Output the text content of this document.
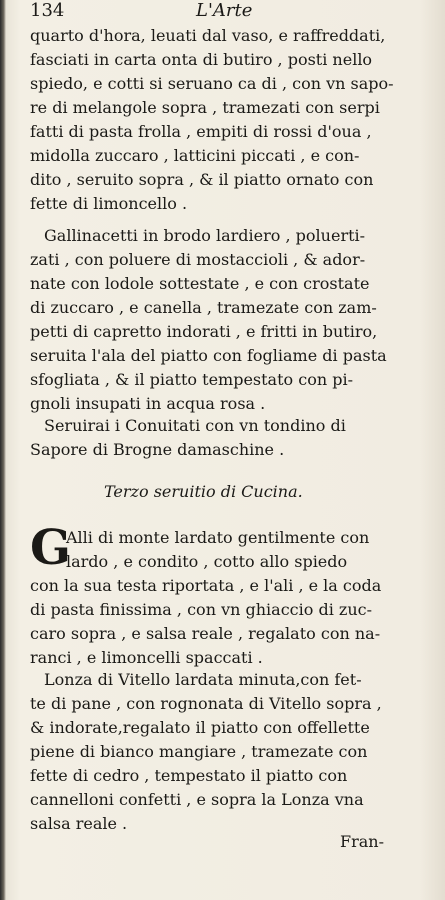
134	L'Arte
quarto d'hora, leuati dal vaso, e raffreddati,
fasciati in carta onta di butiro , posti nello
spiedo, e cotti si seruano ca di , con vn sapo-
re di melangole sopra , tramezati con serpi
fatti di pasta frolla , empiti di rossi d'oua ,
midolla zuccaro , latticini piccati , e con-
dito , seruito sopra , & il piatto ornato con
fette di limoncello .
Gallinacetti in brodo lardiero , poluerti-
zati , con poluere di mostaccioli , & ador-
nate con lodole sottestate , e con crostate
di zuccaro , e canella , tramezate con zam-
petti di capretto indorati , e fritti in butiro,
seruita l'ala del piatto con fogliame di pasta
sfogliata , & il piatto tempestato con pi-
gnoli insupati in acqua rosa .
Seruirai i Conuitati con vn tondino di
Sapore di Brogne damaschine .
Terzo seruitio di Cucina.
G
Alli di monte lardato gentilmente con
lardo , e condito , cotto allo spiedo
con la sua testa riportata , e l'ali , e la coda
di pasta finissima , con vn ghiaccio di zuc-
caro sopra , e salsa reale , regalato con na-
ranci , e limoncelli spaccati .
Lonza di Vitello lardata minuta,con fet-
te di pane , con rognonata di Vitello sopra ,
& indorate,regalato il piatto con offellette
piene di bianco mangiare , tramezate con
fette di cedro , tempestato il piatto con
cannelloni confetti , e sopra la Lonza vna
salsa reale .
Fran-
